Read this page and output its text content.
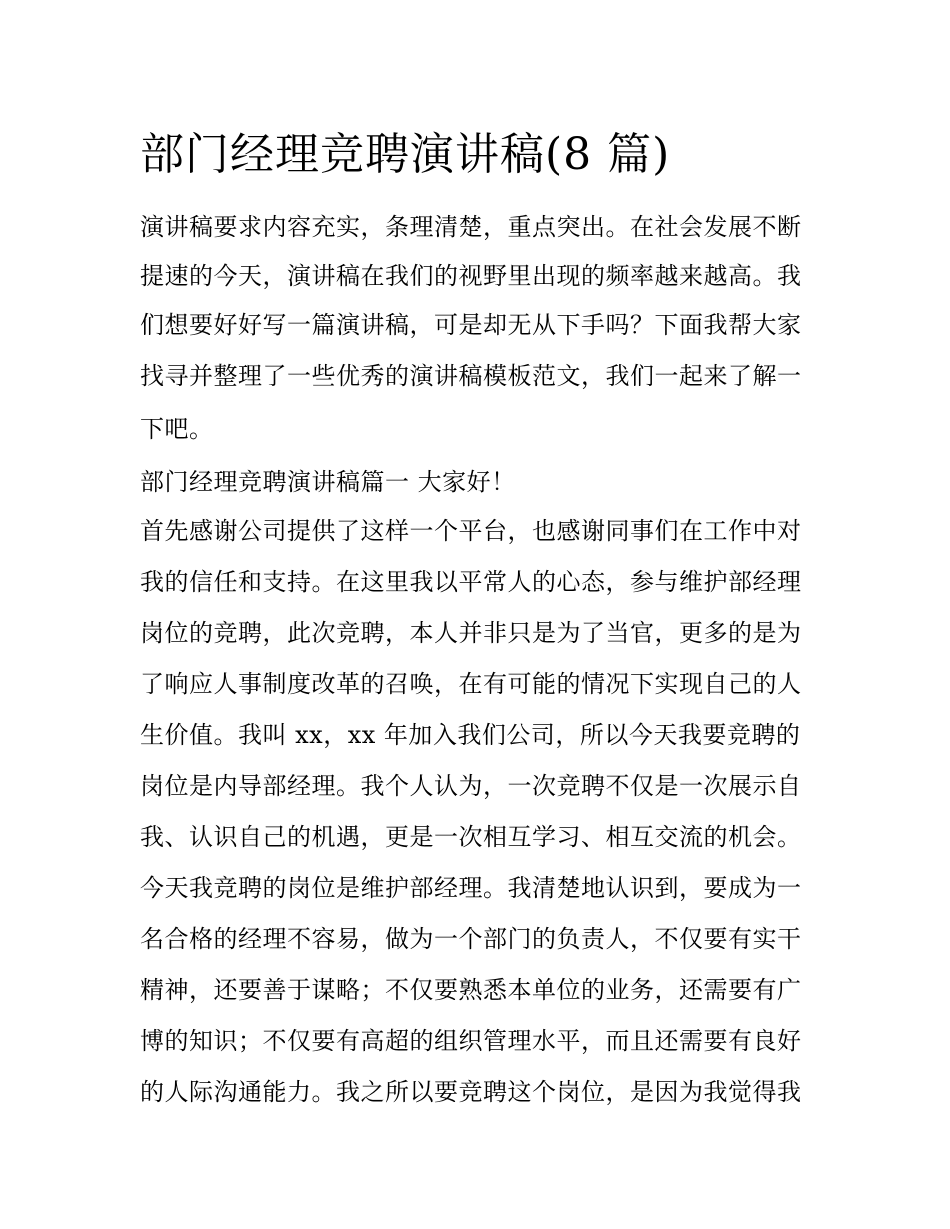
部门经理竞聘演讲稿(8 篇)
演讲稿要求内容充实，条理清楚，重点突出。在社会发展不断
提速的今天，演讲稿在我们的视野里出现的频率越来越高。我
们想要好好写一篇演讲稿，可是却无从下手吗？下面我帮大家
找寻并整理了一些优秀的演讲稿模板范文，我们一起来了解一
下吧。
部门经理竞聘演讲稿篇一 大家好！
首先感谢公司提供了这样一个平台，也感谢同事们在工作中对
我的信任和支持。在这里我以平常人的心态，参与维护部经理
岗位的竞聘，此次竞聘，本人并非只是为了当官，更多的是为
了响应人事制度改革的召唤，在有可能的情况下实现自己的人
生价值。我叫 xx，xx 年加入我们公司，所以今天我要竞聘的
岗位是内导部经理。我个人认为，一次竞聘不仅是一次展示自
我、认识自己的机遇，更是一次相互学习、相互交流的机会。
今天我竞聘的岗位是维护部经理。我清楚地认识到，要成为一
名合格的经理不容易，做为一个部门的负责人，不仅要有实干
精神，还要善于谋略；不仅要熟悉本单位的业务，还需要有广
博的知识；不仅要有高超的组织管理水平，而且还需要有良好
的人际沟通能力。我之所以要竞聘这个岗位，是因为我觉得我
